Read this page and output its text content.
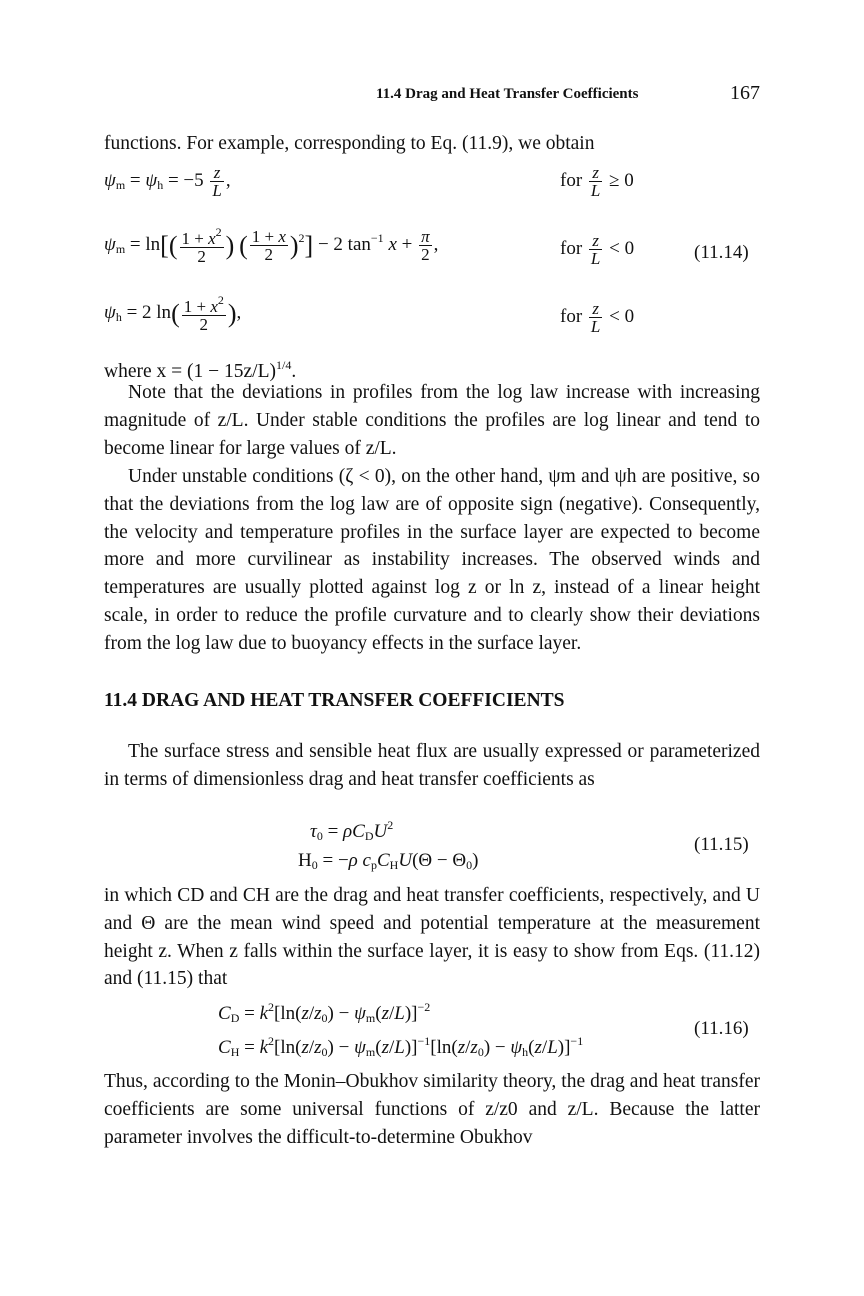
11.4 Drag and Heat Transfer Coefficients	167
functions. For example, corresponding to Eq. (11.9), we obtain
$\psi_m = \psi_h = -5 \frac{z}{L}$ ,	for $\frac{z}{L} \ge 0$
$\psi_m = \ln[( \frac{1 + x^2}{2}$ ) ( $\frac{1 + x}{2} )^2] - 2$ $\tan^{-1} x + \frac{\pi}{2}$ ,	for $\frac{z}{L} < 0$	(11.14)
$\psi_h = 2$ $\ln( \frac{1 + x^2}{2}$ ),	for $\frac{z}{L} < 0$
where $x = (1 - 15z/L)^{1/4}$.
Note that the deviations in profiles from the log law increase with increasing magnitude of z/L. Under stable conditions the profiles are log linear and tend to become linear for large values of z/L.
Under unstable conditions (ζ < 0), on the other hand, ψm and ψh are positive, so that the deviations from the log law are of opposite sign (negative). Consequently, the velocity and temperature profiles in the surface layer are expected to become more and more curvilinear as instability increases. The observed winds and temperatures are usually plotted against log z or ln z, instead of a linear height scale, in order to reduce the profile curvature and to clearly show their deviations from the log law due to buoyancy effects in the surface layer.
11.4 DRAG AND HEAT TRANSFER COEFFICIENTS
The surface stress and sensible heat flux are usually expressed or parameterized in terms of dimensionless drag and heat transfer coefficients as
$\tau_0 = \rho C_DU^2$
$H_0 = -\rho$ $c_pC_HU(\Theta - \Theta_0)$
(11.15)
in which CD and CH are the drag and heat transfer coefficients, respectively, and U and Θ are the mean wind speed and potential temperature at the measurement height z. When z falls within the surface layer, it is easy to show from Eqs. (11.12) and (11.15) that
$C_D = k^2[\ln(z/z_0) - \psi_m(z/L)]^{-2}$
$C_H = k^2[\ln(z/z_0) - \psi_m(z/L)]^{-1}[\ln(z/z_0) - \psi_h(z/L)]^{-1}$
(11.16)
Thus, according to the Monin–Obukhov similarity theory, the drag and heat transfer coefficients are some universal functions of z/z0 and z/L. Because the latter parameter involves the difficult-to-determine Obukhov
